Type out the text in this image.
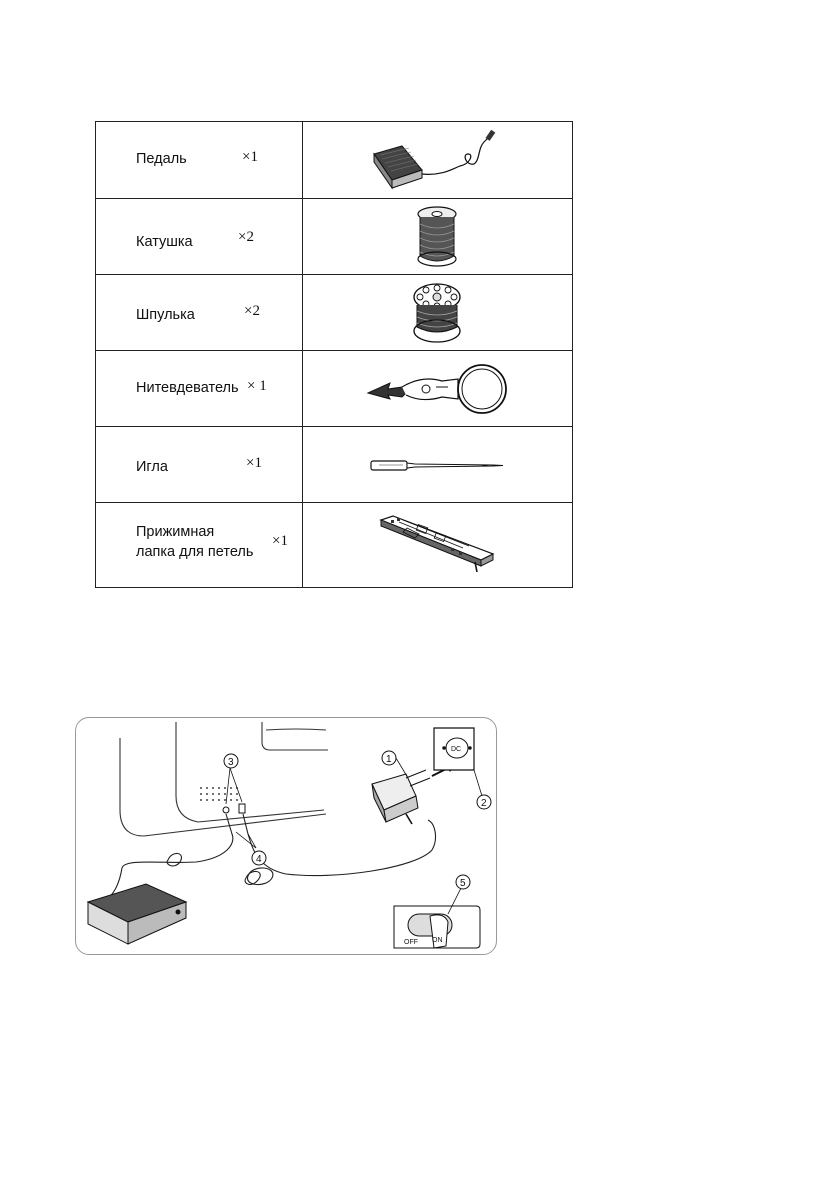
Педаль ×1

Катушка ×2

Шпулька ×2

Нитевдеватель × 1

Игла ×1

Прижимная
лапка для петель
×1

DC
OFF ON
1
2
3
4
5
